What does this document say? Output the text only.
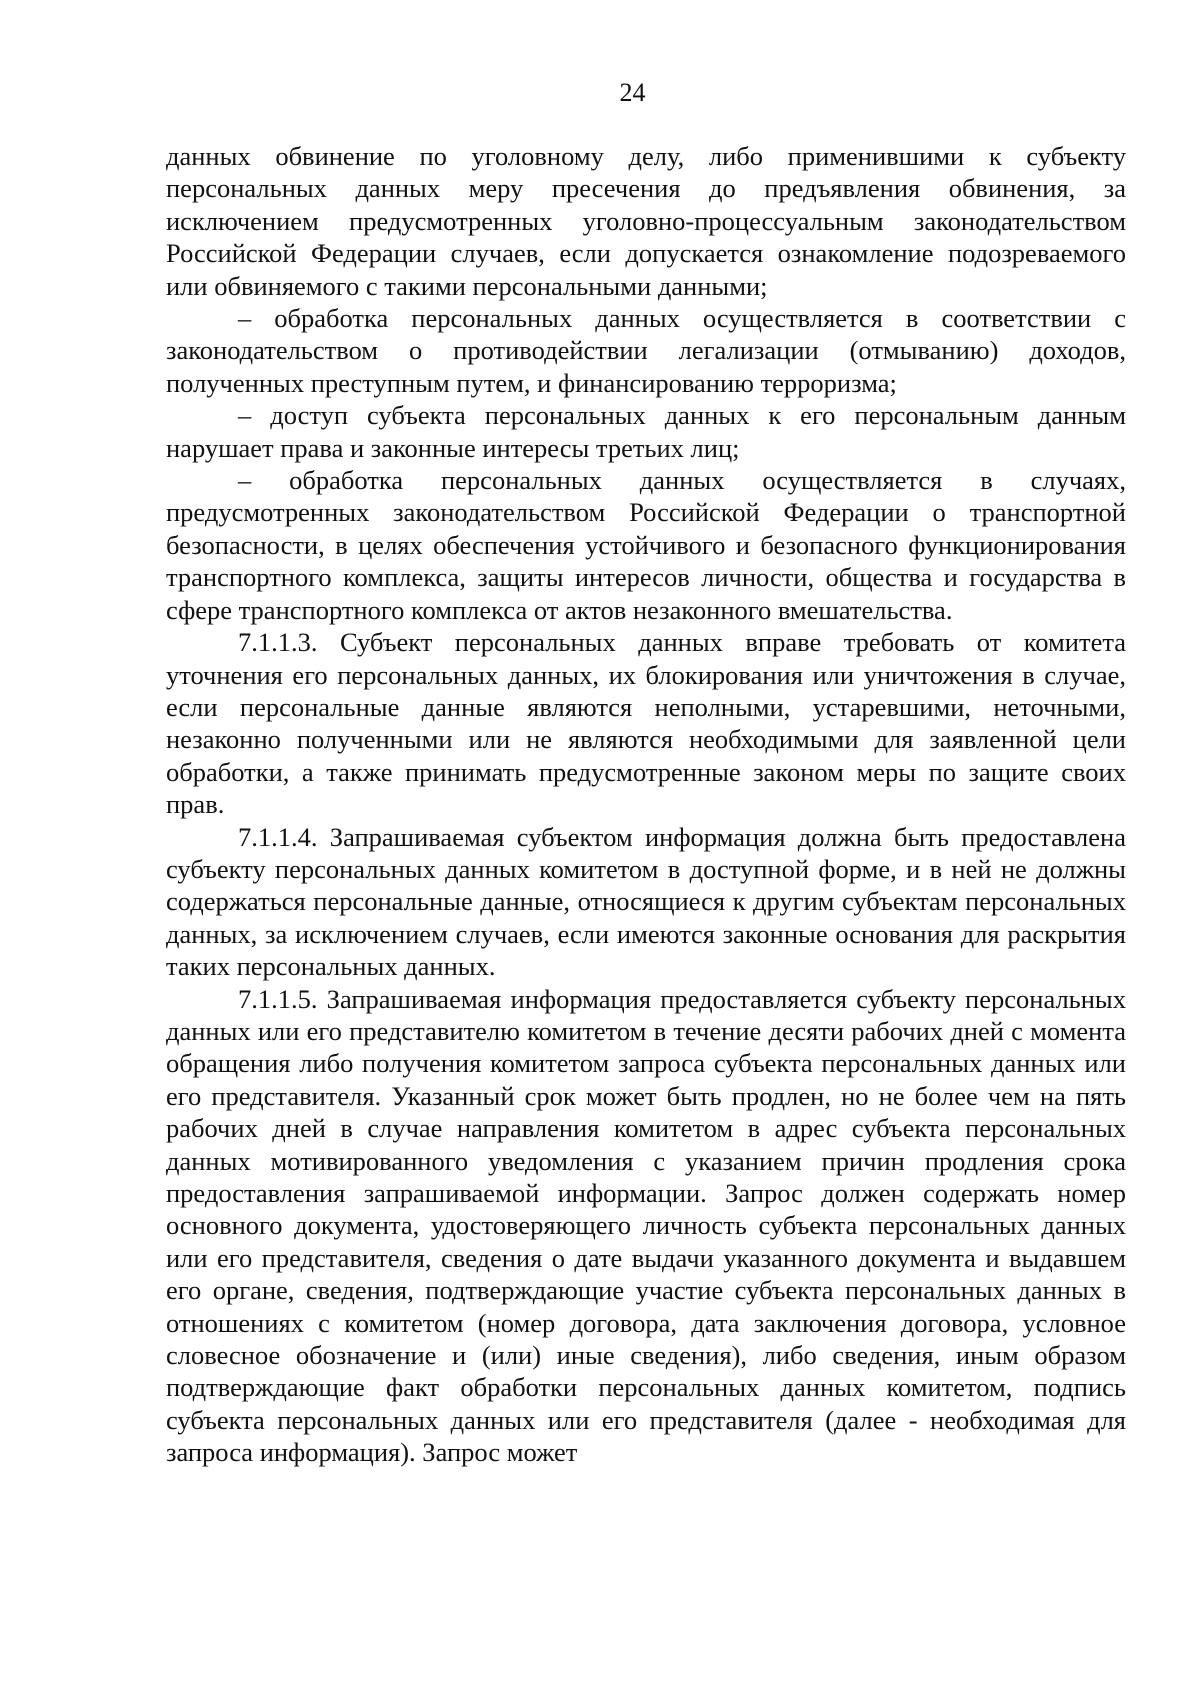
24

данных обвинение по уголовному делу, либо применившими к субъекту персональных данных меру пресечения до предъявления обвинения, за исключением предусмотренных уголовно-процессуальным законодательством Российской Федерации случаев, если допускается ознакомление подозреваемого или обвиняемого с такими персональными данными;

– обработка персональных данных осуществляется в соответствии с законодательством о противодействии легализации (отмыванию) доходов, полученных преступным путем, и финансированию терроризма;

– доступ субъекта персональных данных к его персональным данным нарушает права и законные интересы третьих лиц;

– обработка персональных данных осуществляется в случаях, предусмотренных законодательством Российской Федерации о транспортной безопасности, в целях обеспечения устойчивого и безопасного функционирования транспортного комплекса, защиты интересов личности, общества и государства в сфере транспортного комплекса от актов незаконного вмешательства.

7.1.1.3. Субъект персональных данных вправе требовать от комитета уточнения его персональных данных, их блокирования или уничтожения в случае, если персональные данные являются неполными, устаревшими, неточными, незаконно полученными или не являются необходимыми для заявленной цели обработки, а также принимать предусмотренные законом меры по защите своих прав.

7.1.1.4. Запрашиваемая субъектом информация должна быть предоставлена субъекту персональных данных комитетом в доступной форме, и в ней не должны содержаться персональные данные, относящиеся к другим субъектам персональных данных, за исключением случаев, если имеются законные основания для раскрытия таких персональных данных.

7.1.1.5. Запрашиваемая информация предоставляется субъекту персональных данных или его представителю комитетом в течение десяти рабочих дней с момента обращения либо получения комитетом запроса субъекта персональных данных или его представителя. Указанный срок может быть продлен, но не более чем на пять рабочих дней в случае направления комитетом в адрес субъекта персональных данных мотивированного уведомления с указанием причин продления срока предоставления запрашиваемой информации. Запрос должен содержать номер основного документа, удостоверяющего личность субъекта персональных данных или его представителя, сведения о дате выдачи указанного документа и выдавшем его органе, сведения, подтверждающие участие субъекта персональных данных в отношениях с комитетом (номер договора, дата заключения договора, условное словесное обозначение и (или) иные сведения), либо сведения, иным образом подтверждающие факт обработки персональных данных комитетом, подпись субъекта персональных данных или его представителя (далее - необходимая для запроса информация). Запрос может
